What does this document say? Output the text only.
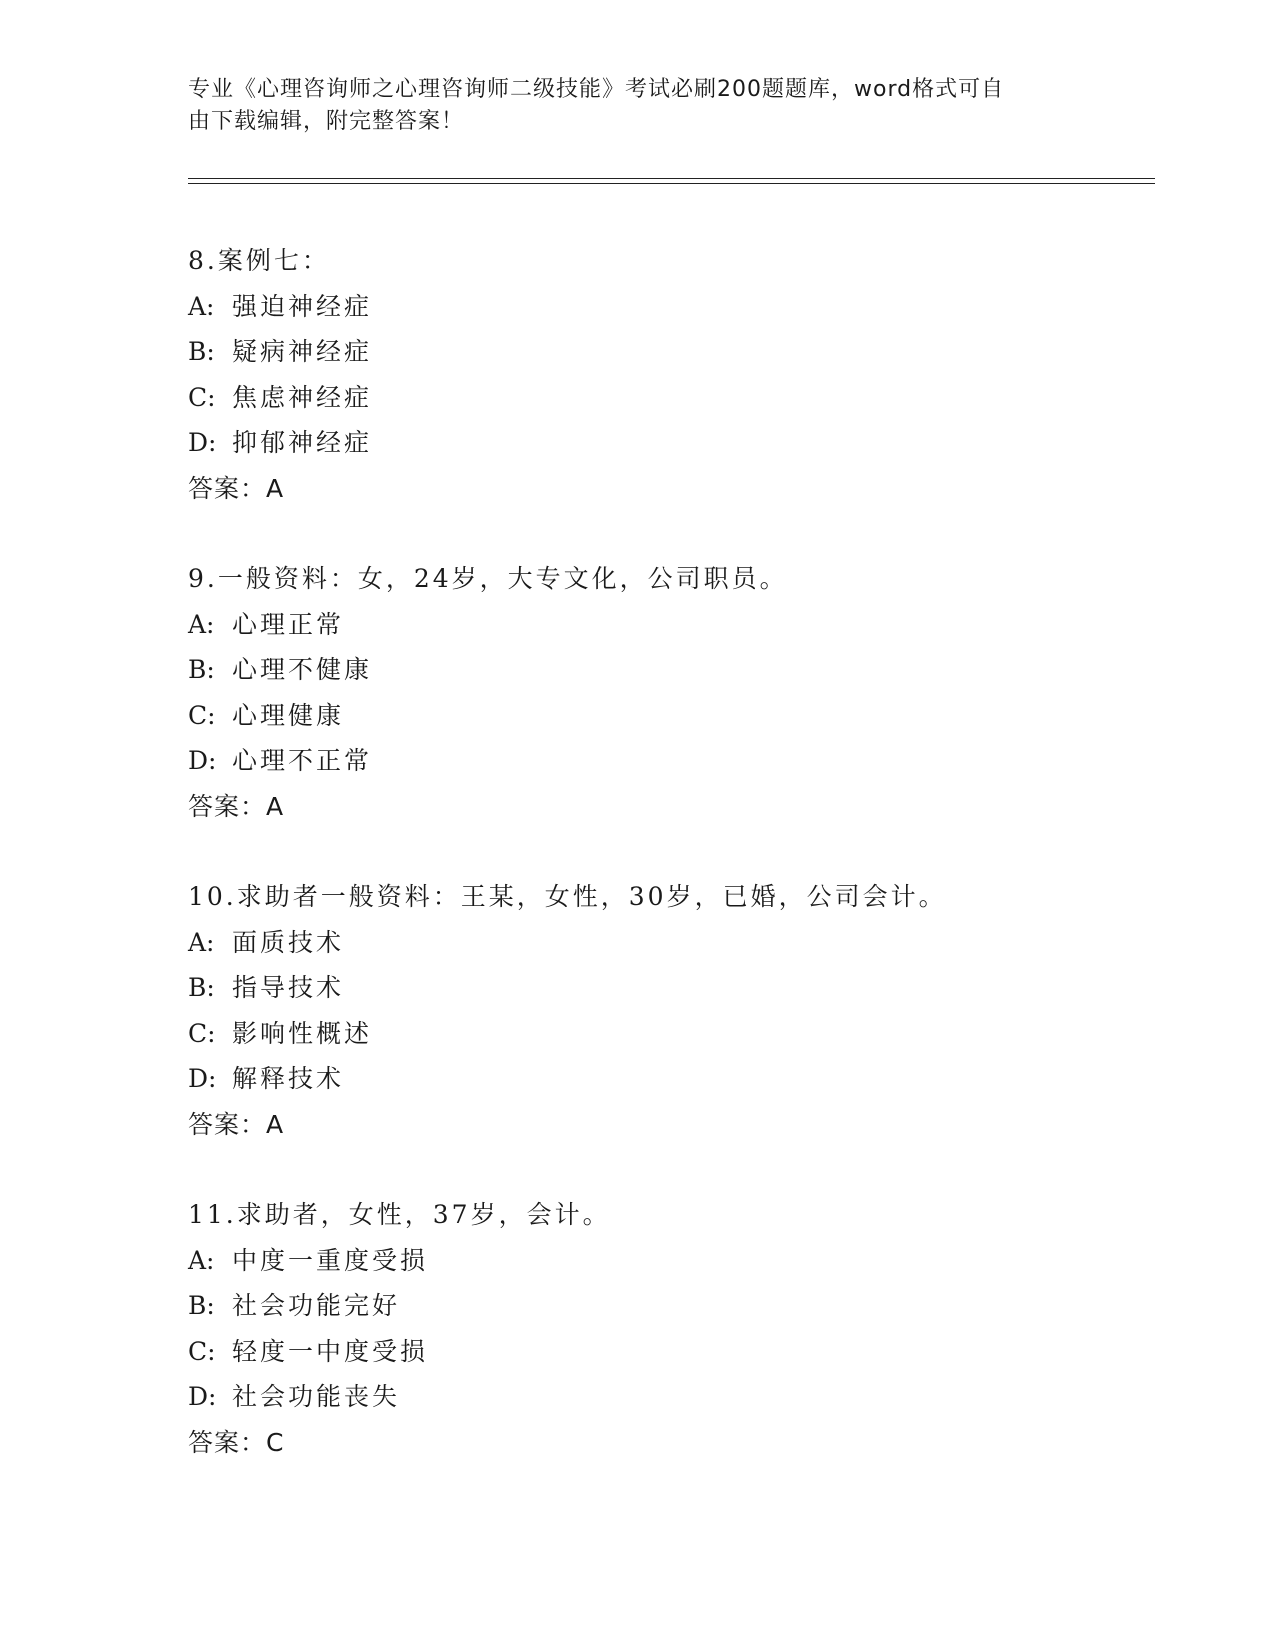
专业《心理咨询师之心理咨询师二级技能》考试必刷200题题库，word格式可自
由下载编辑，附完整答案！
8.案例七：
A: 强迫神经症
B: 疑病神经症
C: 焦虑神经症
D: 抑郁神经症
答案：A
9.一般资料：女，24岁，大专文化，公司职员。
A: 心理正常
B: 心理不健康
C: 心理健康
D: 心理不正常
答案：A
10.求助者一般资料：王某，女性，30岁，已婚，公司会计。
A: 面质技术
B: 指导技术
C: 影响性概述
D: 解释技术
答案：A
11.求助者，女性，37岁，会计。
A: 中度一重度受损
B: 社会功能完好
C: 轻度一中度受损
D: 社会功能丧失
答案：C
